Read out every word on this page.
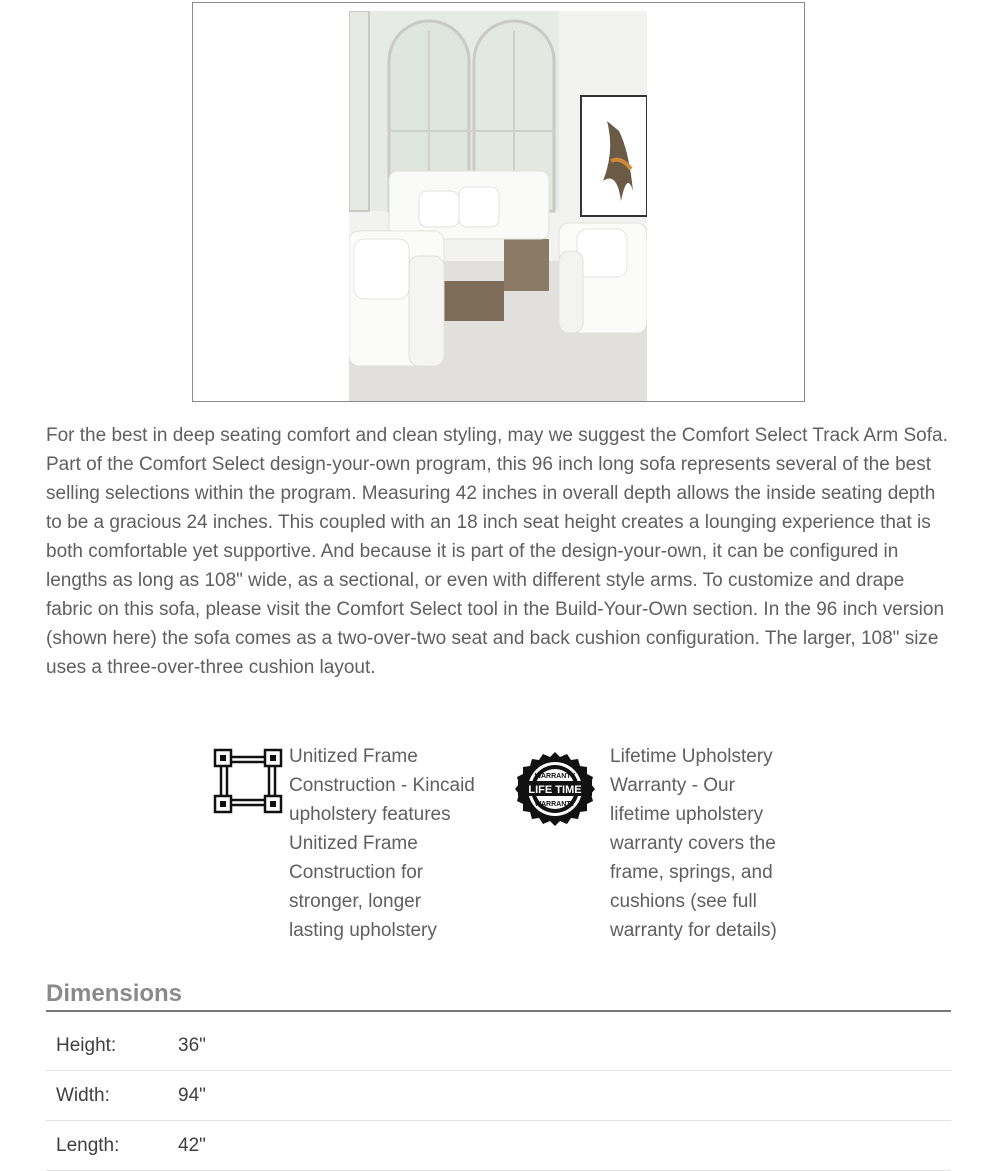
For the best in deep seating comfort and clean styling, may we suggest the Comfort Select Track Arm Sofa. Part of the Comfort Select design-your-own program, this 96 inch long sofa represents several of the best selling selections within the program. Measuring 42 inches in overall depth allows the inside seating depth to be a gracious 24 inches. This coupled with an 18 inch seat height creates a lounging experience that is both comfortable yet supportive. And because it is part of the design-your-own, it can be configured in lengths as long as 108" wide, as a sectional, or even with different style arms. To customize and drape fabric on this sofa, please visit the Comfort Select tool in the Build-Your-Own section. In the 96 inch version (shown here) the sofa comes as a two-over-two seat and back cushion configuration. The larger, 108" size uses a three-over-three cushion layout.

Unitized Frame Construction - Kincaid upholstery features Unitized Frame Construction for stronger, longer lasting upholstery
LIFE TIME
WARRANTY
WARRANTY
Lifetime Upholstery Warranty - Our lifetime upholstery warranty covers the frame, springs, and cushions (see full warranty for details)
Dimensions
Height:	36"
Width:	94"
Length:	42"
